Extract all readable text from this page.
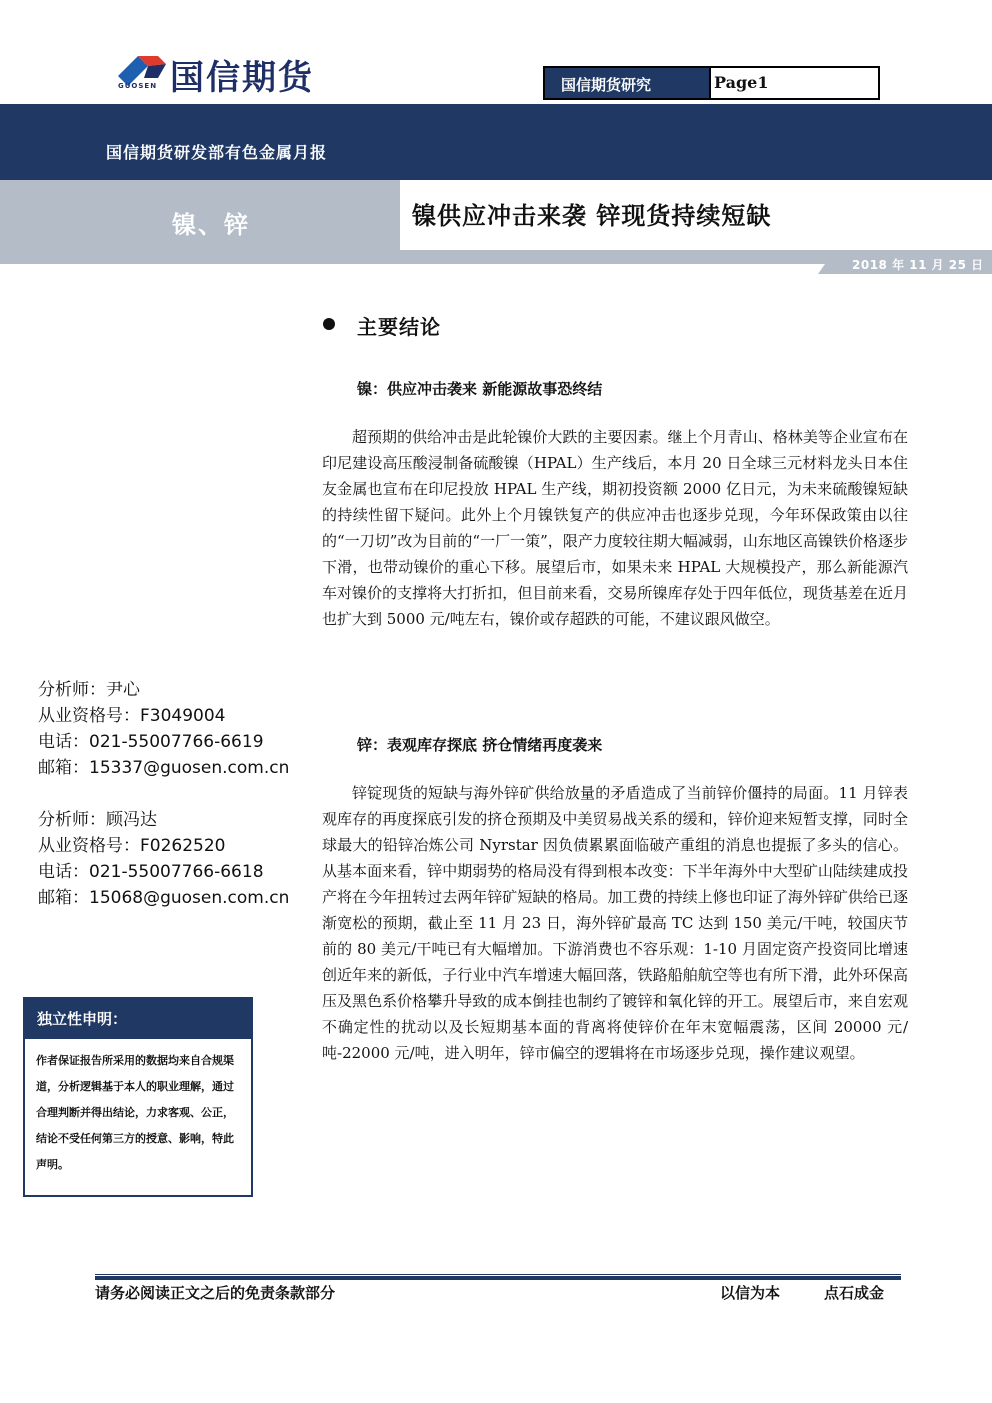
国信期货
GUOSEN	国信期货研究	Page1
国信期货研发部有色金属月报
镍、锌	镍供应冲击来袭 锌现货持续短缺
2018 年 11 月 25 日
主要结论
镍：供应冲击袭来 新能源故事恐终结
超预期的供给冲击是此轮镍价大跌的主要因素。继上个月青山、格林美等企业宣布在印尼建设高压酸浸制备硫酸镍（HPAL）生产线后，本月 20 日全球三元材料龙头日本住友金属也宣布在印尼投放 HPAL 生产线，期初投资额 2000 亿日元，为未来硫酸镍短缺的持续性留下疑问。此外上个月镍铁复产的供应冲击也逐步兑现，今年环保政策由以往的“一刀切”改为目前的“一厂一策”，限产力度较往期大幅减弱，山东地区高镍铁价格逐步下滑，也带动镍价的重心下移。展望后市，如果未来 HPAL 大规模投产，那么新能源汽车对镍价的支撑将大打折扣，但目前来看，交易所镍库存处于四年低位，现货基差在近月也扩大到 5000 元/吨左右，镍价或存超跌的可能，不建议跟风做空。
锌：表观库存探底 挤仓情绪再度袭来
锌锭现货的短缺与海外锌矿供给放量的矛盾造成了当前锌价僵持的局面。11 月锌表观库存的再度探底引发的挤仓预期及中美贸易战关系的缓和，锌价迎来短暂支撑，同时全球最大的铅锌冶炼公司 Nyrstar 因负债累累面临破产重组的消息也提振了多头的信心。从基本面来看，锌中期弱势的格局没有得到根本改变：下半年海外中大型矿山陆续建成投产将在今年扭转过去两年锌矿短缺的格局。加工费的持续上修也印证了海外锌矿供给已逐渐宽松的预期，截止至 11 月 23 日，海外锌矿最高 TC 达到 150 美元/干吨，较国庆节前的 80 美元/干吨已有大幅增加。下游消费也不容乐观：1-10 月固定资产投资同比增速创近年来的新低，子行业中汽车增速大幅回落，铁路船舶航空等也有所下滑，此外环保高压及黑色系价格攀升导致的成本倒挂也制约了镀锌和氧化锌的开工。展望后市，来自宏观不确定性的扰动以及长短期基本面的背离将使锌价在年末宽幅震荡，区间 20000 元/吨-22000 元/吨，进入明年，锌市偏空的逻辑将在市场逐步兑现，操作建议观望。
分析师：尹心
从业资格号：F3049004
电话：021-55007766-6619
邮箱：15337@guosen.com.cn
分析师：顾冯达
从业资格号：F0262520
电话：021-55007766-6618
邮箱：15068@guosen.com.cn
独立性申明：
作者保证报告所采用的数据均来自合规渠道，分析逻辑基于本人的职业理解，通过合理判断并得出结论，力求客观、公正，结论不受任何第三方的授意、影响，特此声明。
请务必阅读正文之后的免责条款部分	以信为本	点石成金
